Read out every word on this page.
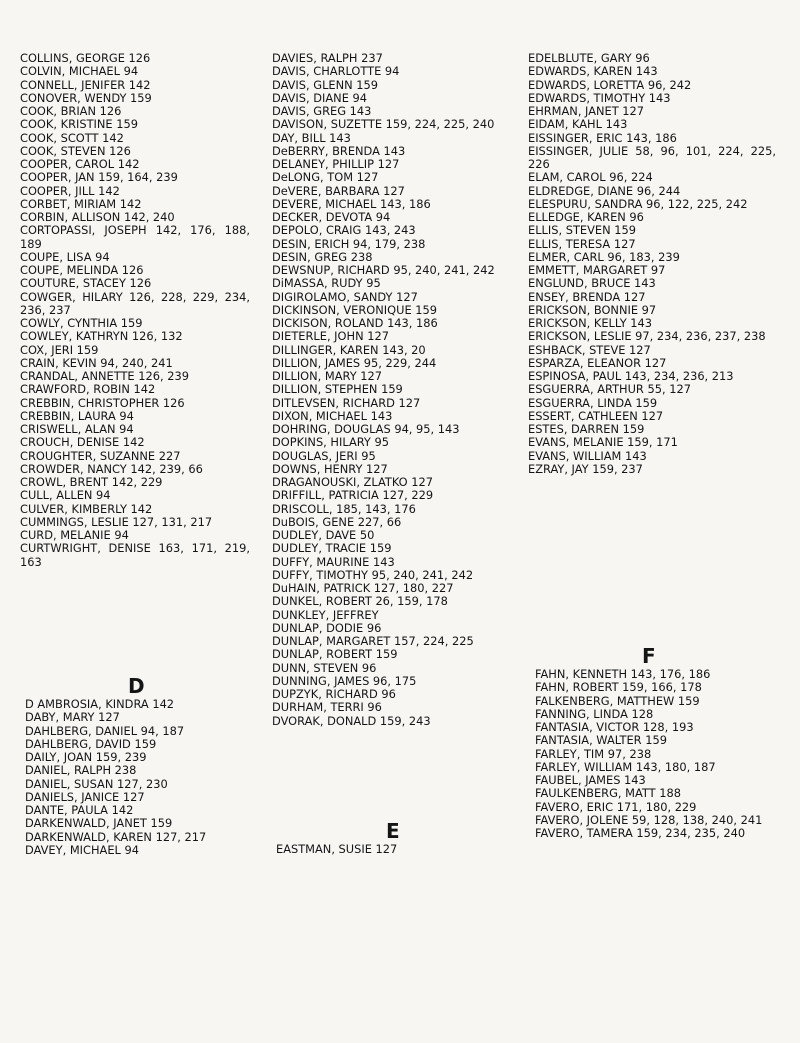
COLLINS, GEORGE 126
COLVIN, MICHAEL 94
CONNELL, JENIFER 142
CONOVER, WENDY 159
COOK, BRIAN 126
COOK, KRISTINE 159
COOK, SCOTT 142
COOK, STEVEN 126
COOPER, CAROL 142
COOPER, JAN 159, 164, 239
COOPER, JILL 142
CORBET, MIRIAM 142
CORBIN, ALLISON 142, 240
CORTOPASSI, JOSEPH 142, 176, 188, 189
COUPE, LISA 94
COUPE, MELINDA 126
COUTURE, STACEY 126
COWGER, HILARY 126, 228, 229, 234, 236, 237
COWLY, CYNTHIA 159
COWLEY, KATHRYN 126, 132
COX, JERI 159
CRAIN, KEVIN 94, 240, 241
CRANDAL, ANNETTE 126, 239
CRAWFORD, ROBIN 142
CREBBIN, CHRISTOPHER 126
CREBBIN, LAURA 94
CRISWELL, ALAN 94
CROUCH, DENISE 142
CROUGHTER, SUZANNE 227
CROWDER, NANCY 142, 239, 66
CROWL, BRENT 142, 229
CULL, ALLEN 94
CULVER, KIMBERLY 142
CUMMINGS, LESLIE 127, 131, 217
CURD, MELANIE 94
CURTWRIGHT, DENISE 163, 171, 219, 163
DAVIES, RALPH 237
DAVIS, CHARLOTTE 94
DAVIS, GLENN 159
DAVIS, DIANE 94
DAVIS, GREG 143
DAVISON, SUZETTE 159, 224, 225, 240
DAY, BILL 143
DeBERRY, BRENDA 143
DELANEY, PHILLIP 127
DeLONG, TOM 127
DeVERE, BARBARA 127
DEVERE, MICHAEL 143, 186
DECKER, DEVOTA 94
DEPOLO, CRAIG 143, 243
DESIN, ERICH 94, 179, 238
DESIN, GREG 238
DEWSNUP, RICHARD 95, 240, 241, 242
DiMASSA, RUDY 95
DIGIROLAMO, SANDY 127
DICKINSON, VERONIQUE 159
DICKISON, ROLAND 143, 186
DIETERLE, JOHN 127
DILLINGER, KAREN 143, 20
DILLION, JAMES 95, 229, 244
DILLION, MARY 127
DILLION, STEPHEN 159
DITLEVSEN, RICHARD 127
DIXON, MICHAEL 143
DOHRING, DOUGLAS 94, 95, 143
DOPKINS, HILARY 95
DOUGLAS, JERI 95
DOWNS, HENRY 127
DRAGANOUSKI, ZLATKO 127
DRIFFILL, PATRICIA 127, 229
DRISCOLL, 185, 143, 176
DuBOIS, GENE 227, 66
DUDLEY, DAVE 50
DUDLEY, TRACIE 159
DUFFY, MAURINE 143
DUFFY, TIMOTHY 95, 240, 241, 242
DuHAIN, PATRICK 127, 180, 227
DUNKEL, ROBERT 26, 159, 178
DUNKLEY, JEFFREY
DUNLAP, DODIE 96
DUNLAP, MARGARET 157, 224, 225
DUNLAP, ROBERT 159
DUNN, STEVEN 96
DUNNING, JAMES 96, 175
DUPZYK, RICHARD 96
DURHAM, TERRI 96
DVORAK, DONALD 159, 243
EDELBLUTE, GARY 96
EDWARDS, KAREN 143
EDWARDS, LORETTA 96, 242
EDWARDS, TIMOTHY 143
EHRMAN, JANET 127
EIDAM, KAHL 143
EISSINGER, ERIC 143, 186
EISSINGER, JULIE 58, 96, 101, 224, 225, 226
ELAM, CAROL 96, 224
ELDREDGE, DIANE 96, 244
ELESPURU, SANDRA 96, 122, 225, 242
ELLEDGE, KAREN 96
ELLIS, STEVEN 159
ELLIS, TERESA 127
ELMER, CARL 96, 183, 239
EMMETT, MARGARET 97
ENGLUND, BRUCE 143
ENSEY, BRENDA 127
ERICKSON, BONNIE 97
ERICKSON, KELLY 143
ERICKSON, LESLIE 97, 234, 236, 237, 238
ESHBACK, STEVE 127
ESPARZA, ELEANOR 127
ESPINOSA, PAUL 143, 234, 236, 213
ESGUERRA, ARTHUR 55, 127
ESGUERRA, LINDA 159
ESSERT, CATHLEEN 127
ESTES, DARREN 159
EVANS, MELANIE 159, 171
EVANS, WILLIAM 143
EZRAY, JAY 159, 237
D
D AMBROSIA, KINDRA 142
DABY, MARY 127
DAHLBERG, DANIEL 94, 187
DAHLBERG, DAVID 159
DAILY, JOAN 159, 239
DANIEL, RALPH 238
DANIEL, SUSAN 127, 230
DANIELS, JANICE 127
DANTE, PAULA 142
DARKENWALD, JANET 159
DARKENWALD, KAREN 127, 217
DAVEY, MICHAEL 94
E
EASTMAN, SUSIE 127
F
FAHN, KENNETH 143, 176, 186
FAHN, ROBERT 159, 166, 178
FALKENBERG, MATTHEW 159
FANNING, LINDA 128
FANTASIA, VICTOR 128, 193
FANTASIA, WALTER 159
FARLEY, TIM 97, 238
FARLEY, WILLIAM 143, 180, 187
FAUBEL, JAMES 143
FAULKENBERG, MATT 188
FAVERO, ERIC 171, 180, 229
FAVERO, JOLENE 59, 128, 138, 240, 241
FAVERO, TAMERA 159, 234, 235, 240
